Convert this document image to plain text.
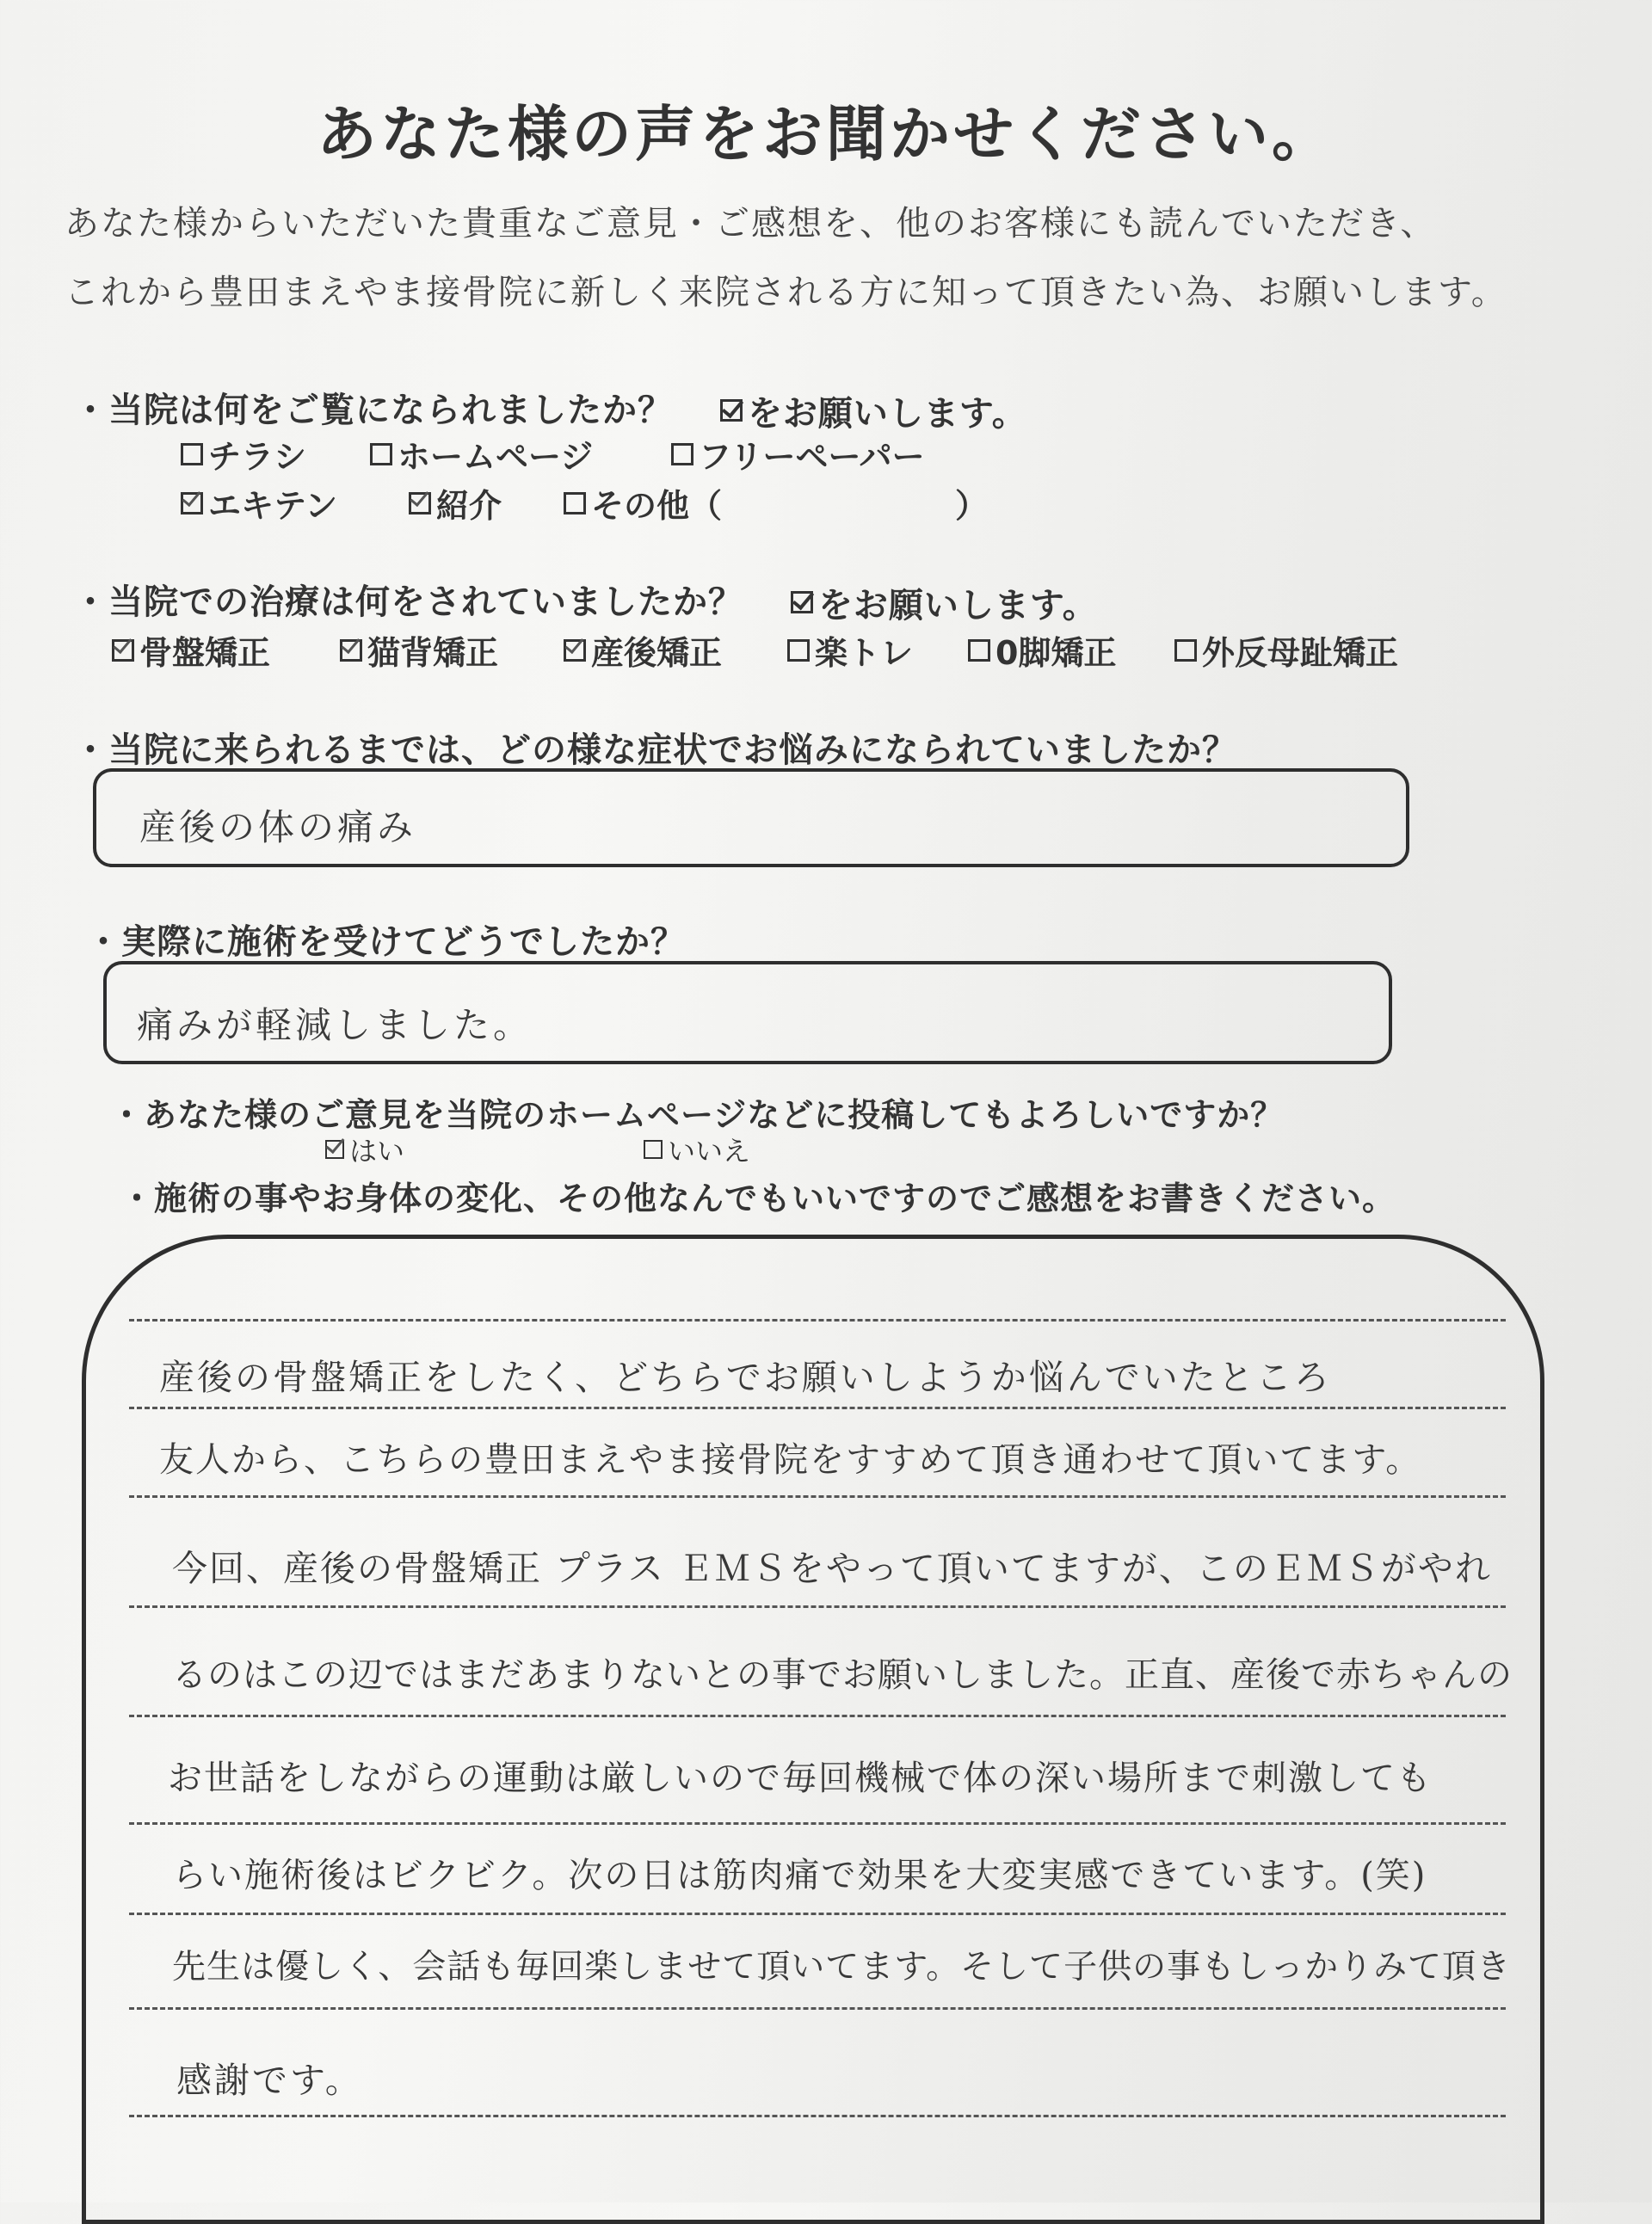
あなた様の声をお聞かせください。
あなた様からいただいた貴重なご意見・ご感想を、他のお客様にも読んでいただき、
これから豊田まえやま接骨院に新しく来院される方に知って頂きたい為、お願いします。
・当院は何をご覧になられましたか？ をお願いします。
チラシ	ホームページ	フリーペーパー
エキテン	紹介	その他（	）
・当院での治療は何をされていましたか？ をお願いします。
骨盤矯正	猫背矯正	産後矯正	楽トレ	0脚矯正	外反母趾矯正
・当院に来られるまでは、どの様な症状でお悩みになられていましたか？
産後の体の痛み
・実際に施術を受けてどうでしたか？
痛みが軽減しました。
・あなた様のご意見を当院のホームページなどに投稿してもよろしいですか？
はい	いいえ
・施術の事やお身体の変化、その他なんでもいいですのでご感想をお書きください。
産後の骨盤矯正をしたく、どちらでお願いしようか悩んでいたところ
友人から、こちらの豊田まえやま接骨院をすすめて頂き通わせて頂いてます。
今回、産後の骨盤矯正 プラス ＥＭＳをやって頂いてますが、このＥＭＳがやれ
るのはこの辺ではまだあまりないとの事でお願いしました。正直、産後で赤ちゃんの
お世話をしながらの運動は厳しいので毎回機械で体の深い場所まで刺激しても
らい施術後はビクビク。次の日は筋肉痛で効果を大変実感できています。(笑)
先生は優しく、会話も毎回楽しませて頂いてます。そして子供の事もしっかりみて頂き
感謝です。
